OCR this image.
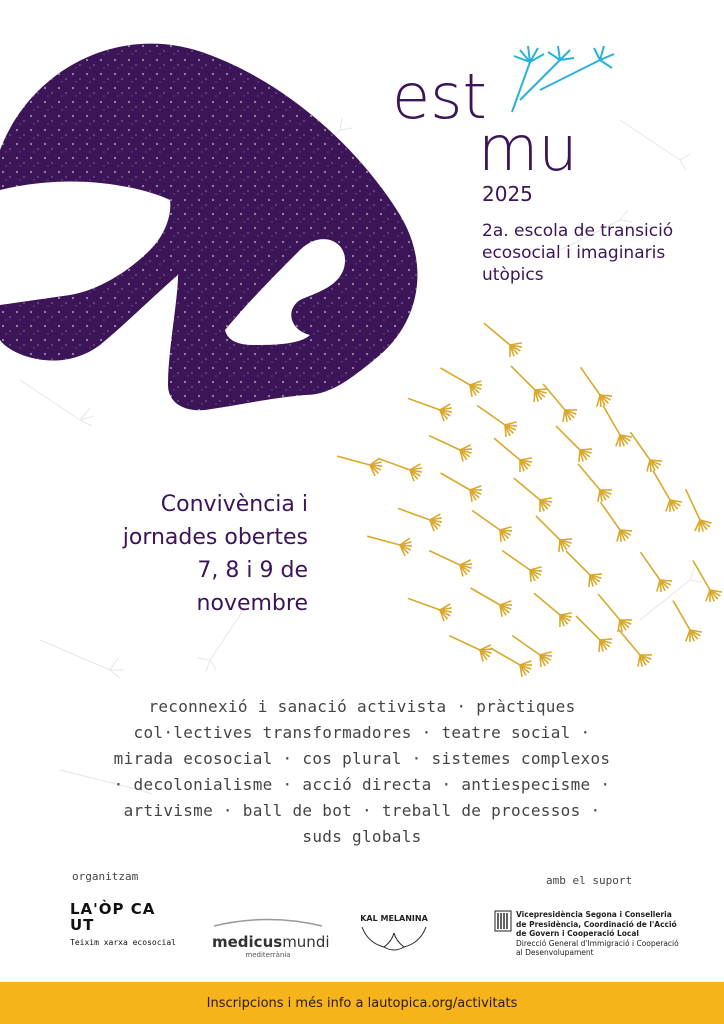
est
mu
2025
2a. escola de transició
ecosocial i imaginaris
utòpics
Convivència i
jornades obertes
7, 8 i 9 de
novembre
reconnexió i sanació activista · pràctiques
col·lectives transformadores · teatre social ·
mirada ecosocial · cos plural · sistemes complexos
· decolonialisme · acció directa · antiespecisme ·
artivisme · ball de bot · treball de processos ·
suds globals
organitzam
LA'ÒP CA
UT
Teixim xarxa ecosocial medicusmundi
mediterrània
KAL MELANINA
amb el suport
Vicepresidència Segona i Conselleria
de Presidència, Coordinació de l'Acció
de Govern i Cooperació Local
Direcció General d'Immigració i Cooperació
al Desenvolupament
Inscripcions i més info a lautopica.org/activitats
